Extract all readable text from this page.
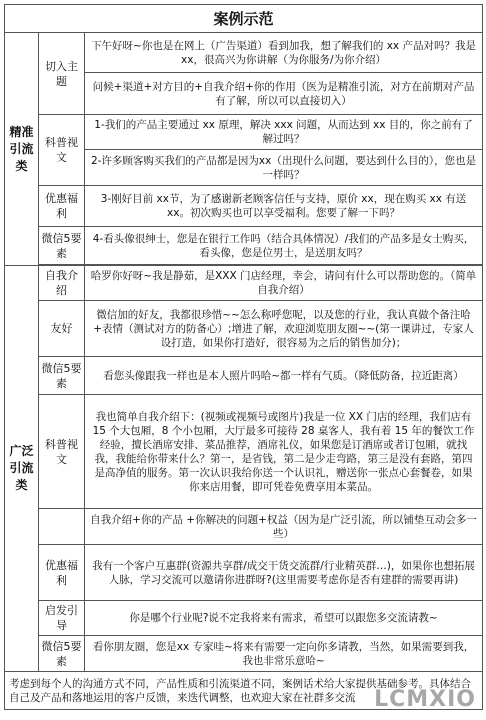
案例示范		
精准引流类	切入主题	下午好呀~你也是在网上（广告渠道）看到加我，想了解我们的 xx 产品对吗？我是 xx，很高兴为你讲解（为你服务/为你介绍）
		问候+渠道+对方目的+自我介绍+你的作用（医为是精准引流，对方在前期对产品有了解，所以可以直接切入）
	科普视文	1-我们的产品主要通过 xx 原理，解决 xxx 问题，从而达到 xx 目的，你之前有了解过吗？
		2-许多顾客购买我们的产品都是因为xx（出现什么问题，要达到什么目的），您也是一样吗？
	优惠福利	3-刚好目前 xx节，为了感谢新老顾客信任与支持，原价 xx，现在购买 xx 有送 xx。初次购买也可以享受福利。您要了解一下吗？
	微信5要素	4-看头像很绅士，您是在银行工作吗（结合具体情况）/我们的产品多是女士购买，看头像，您是位男士，是送朋友吗？

广泛引流类	自我介绍	哈罗你好呀~我是静茹，是XXX 门店经理，幸会，请问有什么可以帮助您的。（简单自我介绍）
	友好	微信加的好友，我都很珍惜~~怎么称呼您呢，以及您的行业，我认真做个备注哈+表情（测试对方的防备心）;增进了解，欢迎浏览朋友圈~~(第一课讲过，专家人设打造，如果你打造好，很容易为之后的销售加分)；
	微信5要素	看您头像跟我一样也是本人照片吗哈~都一样有气质。（降低防备，拉近距离）
	科普视文	我也简单自我介绍下：(视频或视频号或图片)我是一位 XX 门店的经理，我们店有 15 个大包厢，8 个小包厢，大厅最多可接待 28 桌客人，我有着 15 年的餐饮工作经验，擅长酒席安排、菜品推荐，酒席礼仪，如果您是订酒席或者订包厢，就找我，我能给你带来什么？第一，是省钱，第二是少走弯路，第三是没有套路，第四是高净值的服务。第一次认识我给你送一个认识礼，赠送你一张点心套餐卷，如果你来店用餐，即可凭卷免费享用本菜品。
		自我介绍+你的产品 +你解决的问题+权益（因为是广泛引流，所以铺垫互动会多一些）
	优惠福利	我有一个客户互惠群(资源共享群/成交干货交流群/行业精英群…)，如果你也想拓展人脉，学习交流可以邀请你进群呀?(这里需要考虑你是否有建群的需要再讲)
	启发引导	你是哪个行业呢?说不定我将来有需求，希望可以跟您多交流请教~
	微信5要素	看你朋友圈，您是xx 专家哇~将来有需要一定向你多请教，当然，如果需要到我，我也非常乐意哈~
考虑到每个人的沟通方式不同，产品性质和引流渠道不同，案例话术给大家提供基础参考。具体结合自己及产品和落地运用的客户反馈，来迭代调整，也欢迎大家在社群多交流		LCMXIO
